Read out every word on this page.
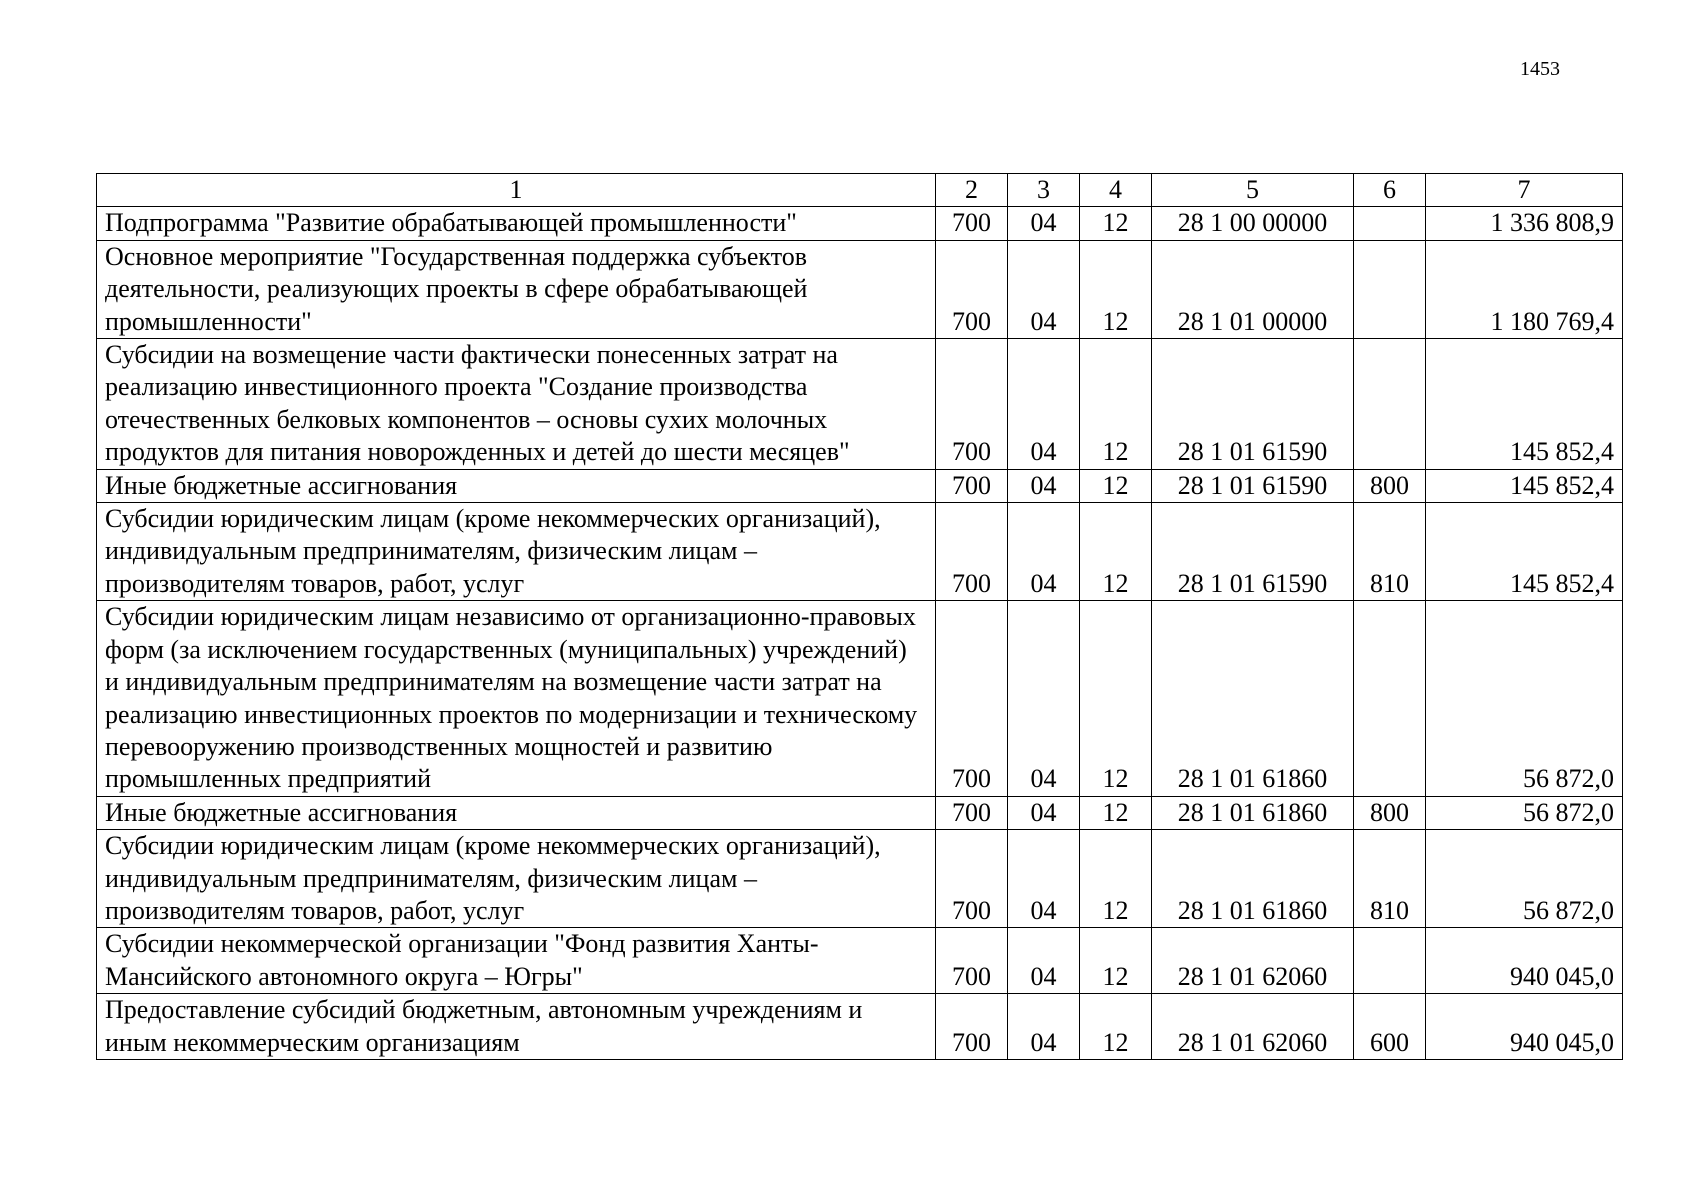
1453
1	2	3	4	5	6	7
Подпрограмма "Развитие обрабатывающей промышленности"	700	04	12	28 1 00 00000		1 336 808,9
Основное мероприятие "Государственная поддержка субъектов деятельности, реализующих проекты в сфере обрабатывающей промышленности"	700	04	12	28 1 01 00000		1 180 769,4
Субсидии на возмещение части фактически понесенных затрат на реализацию инвестиционного проекта "Создание производства отечественных белковых компонентов – основы сухих молочных продуктов для питания новорожденных и детей до шести месяцев"	700	04	12	28 1 01 61590		145 852,4
Иные бюджетные ассигнования	700	04	12	28 1 01 61590	800	145 852,4
Субсидии юридическим лицам (кроме некоммерческих организаций), индивидуальным предпринимателям, физическим лицам – производителям товаров, работ, услуг	700	04	12	28 1 01 61590	810	145 852,4
Субсидии юридическим лицам независимо от организационно-правовых форм (за исключением государственных (муниципальных) учреждений) и индивидуальным предпринимателям на возмещение части затрат на реализацию инвестиционных проектов по модернизации и техническому перевооружению производственных мощностей и развитию промышленных предприятий	700	04	12	28 1 01 61860		56 872,0
Иные бюджетные ассигнования	700	04	12	28 1 01 61860	800	56 872,0
Субсидии юридическим лицам (кроме некоммерческих организаций), индивидуальным предпринимателям, физическим лицам – производителям товаров, работ, услуг	700	04	12	28 1 01 61860	810	56 872,0
Субсидии некоммерческой организации "Фонд развития Ханты-Мансийского автономного округа – Югры"	700	04	12	28 1 01 62060		940 045,0
Предоставление субсидий бюджетным, автономным учреждениям и иным некоммерческим организациям	700	04	12	28 1 01 62060	600	940 045,0
